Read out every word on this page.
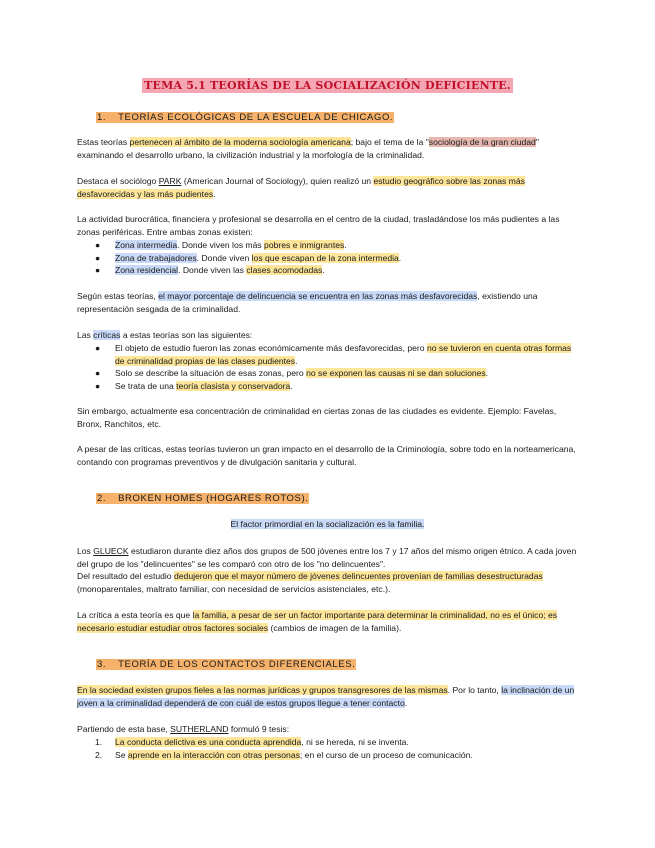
TEMA 5.1 TEORÍAS DE LA SOCIALIZACIÓN DEFICIENTE.
1. TEORÍAS ECOLÓGICAS DE LA ESCUELA DE CHICAGO.

Estas teorías pertenecen al ámbito de la moderna sociología americana; bajo el tema de la "sociología de la gran ciudad" examinando el desarrollo urbano, la civilización industrial y la morfología de la criminalidad.

Destaca el sociólogo PARK (American Journal of Sociology), quien realizó un estudio geográfico sobre las zonas más desfavorecidas y las más pudientes.

La actividad burocrática, financiera y profesional se desarrolla en el centro de la ciudad, trasladándose los más pudientes a las zonas periféricas. Entre ambas zonas existen:

● Zona intermedia. Donde viven los más pobres e inmigrantes.
● Zona de trabajadores. Donde viven los que escapan de la zona intermedia.
● Zona residencial. Donde viven las clases acomodadas.

Según estas teorías, el mayor porcentaje de delincuencia se encuentra en las zonas más desfavorecidas, existiendo una representación sesgada de la criminalidad.

Las críticas a estas teorías son las siguientes:

● El objeto de estudio fueron las zonas económicamente más desfavorecidas, pero no se tuvieron en cuenta otras formas de criminalidad propias de las clases pudientes.
● Solo se describe la situación de esas zonas, pero no se exponen las causas ni se dan soluciones.
● Se trata de una teoría clasista y conservadora.

Sin embargo, actualmente esa concentración de criminalidad en ciertas zonas de las ciudades es evidente. Ejemplo: Favelas, Bronx, Ranchitos, etc.

A pesar de las críticas, estas teorías tuvieron un gran impacto en el desarrollo de la Criminología, sobre todo en la norteamericana, contando con programas preventivos y de divulgación sanitaria y cultural.

2. BROKEN HOMES (HOGARES ROTOS).
El factor primordial en la socialización es la familia.

Los GLUECK estudiaron durante diez años dos grupos de 500 jóvenes entre los 7 y 17 años del mismo origen étnico. A cada joven del grupo de los "delincuentes" se les comparó con otro de los "no delincuentes".

Del resultado del estudio dedujeron que el mayor número de jóvenes delincuentes provenían de familias desestructuradas (monoparentales, maltrato familiar, con necesidad de servicios asistenciales, etc.).

La crítica a esta teoría es que la familia, a pesar de ser un factor importante para determinar la criminalidad, no es el único; es necesario estudiar estudiar otros factores sociales (cambios de imagen de la familia).

3. TEORÍA DE LOS CONTACTOS DIFERENCIALES.

En la sociedad existen grupos fieles a las normas jurídicas y grupos transgresores de las mismas. Por lo tanto, la inclinación de un joven a la criminalidad dependerá de con cuál de estos grupos llegue a tener contacto.

Partiendo de esta base, SUTHERLAND formuló 9 tesis:

1. La conducta delictiva es una conducta aprendida, ni se hereda, ni se inventa.
2. Se aprende en la interacción con otras personas; en el curso de un proceso de comunicación.
